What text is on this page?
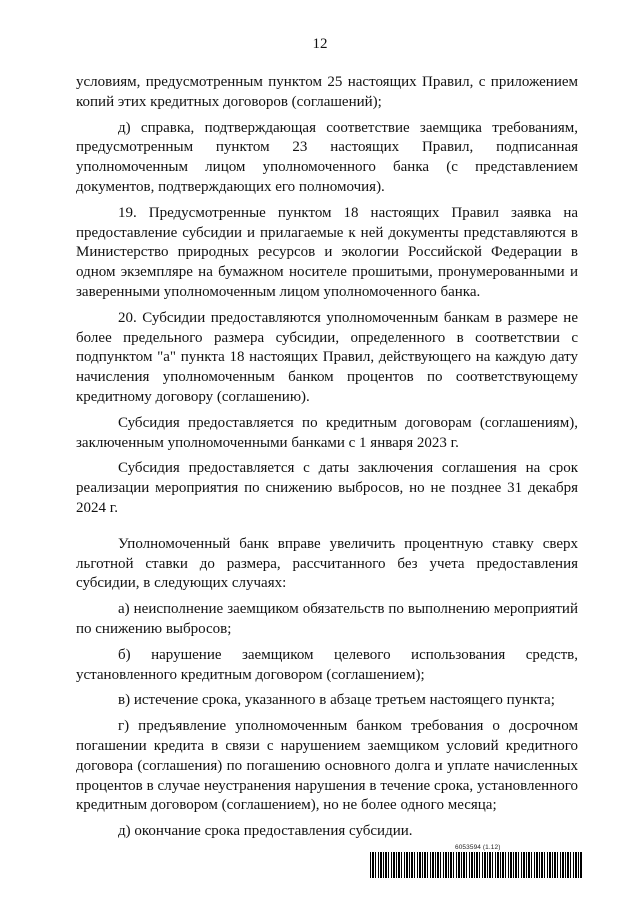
12

условиям, предусмотренным пунктом 25 настоящих Правил, с приложением копий этих кредитных договоров (соглашений);

д) справка, подтверждающая соответствие заемщика требованиям, предусмотренным пунктом 23 настоящих Правил, подписанная уполномоченным лицом уполномоченного банка (с представлением документов, подтверждающих его полномочия).

19. Предусмотренные пунктом 18 настоящих Правил заявка на предоставление субсидии и прилагаемые к ней документы представляются в Министерство природных ресурсов и экологии Российской Федерации в одном экземпляре на бумажном носителе прошитыми, пронумерованными и заверенными уполномоченным лицом уполномоченного банка.

20. Субсидии предоставляются уполномоченным банкам в размере не более предельного размера субсидии, определенного в соответствии с подпунктом "а" пункта 18 настоящих Правил, действующего на каждую дату начисления уполномоченным банком процентов по соответствующему кредитному договору (соглашению).

Субсидия предоставляется по кредитным договорам (соглашениям), заключенным уполномоченными банками с 1 января 2023 г.

Субсидия предоставляется с даты заключения соглашения на срок реализации мероприятия по снижению выбросов, но не позднее 31 декабря 2024 г.

Уполномоченный банк вправе увеличить процентную ставку сверх льготной ставки до размера, рассчитанного без учета предоставления субсидии, в следующих случаях:

а) неисполнение заемщиком обязательств по выполнению мероприятий по снижению выбросов;

б) нарушение заемщиком целевого использования средств, установленного кредитным договором (соглашением);

в) истечение срока, указанного в абзаце третьем настоящего пункта;

г) предъявление уполномоченным банком требования о досрочном погашении кредита в связи с нарушением заемщиком условий кредитного договора (соглашения) по погашению основного долга и уплате начисленных процентов в случае неустранения нарушения в течение срока, установленного кредитным договором (соглашением), но не более одного месяца;

д) окончание срока предоставления субсидии.

6053594 (1.12)
